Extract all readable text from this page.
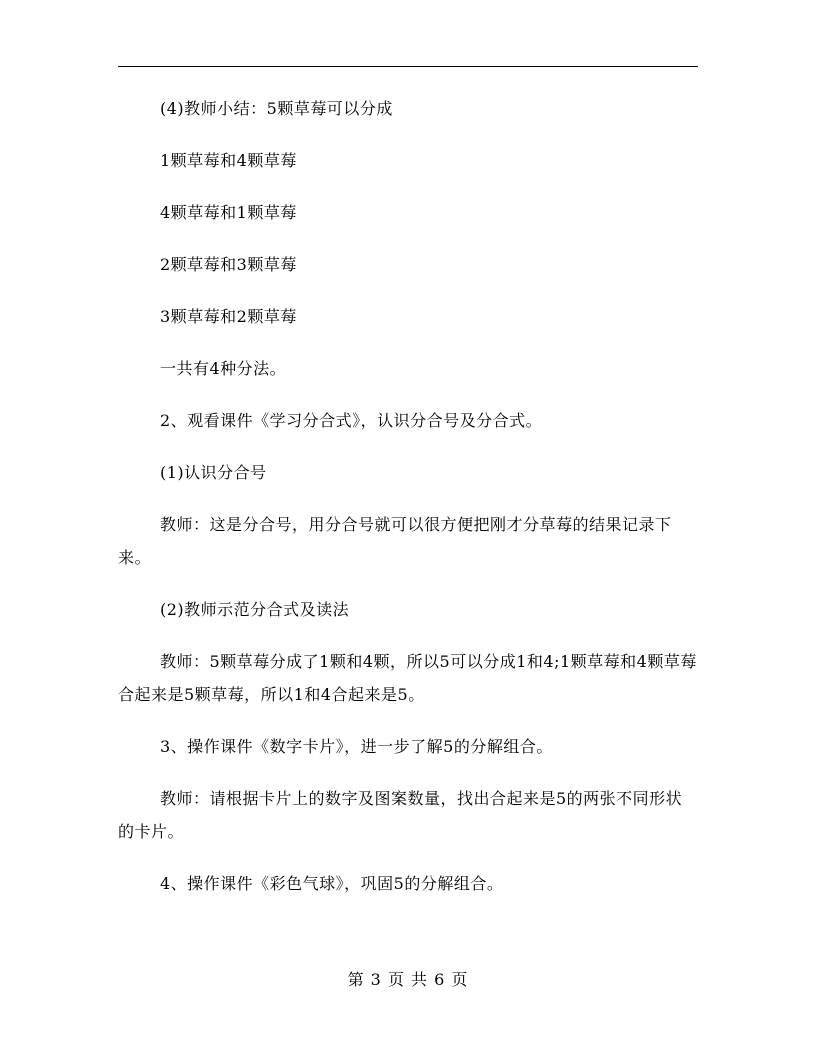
(4)教师小结：5颗草莓可以分成

1颗草莓和4颗草莓

4颗草莓和1颗草莓

2颗草莓和3颗草莓

3颗草莓和2颗草莓

一共有4种分法。

2、观看课件《学习分合式》，认识分合号及分合式。

(1)认识分合号

教师：这是分合号，用分合号就可以很方便把刚才分草莓的结果记录下来。

(2)教师示范分合式及读法

教师：5颗草莓分成了1颗和4颗，所以5可以分成1和4;1颗草莓和4颗草莓合起来是5颗草莓，所以1和4合起来是5。

3、操作课件《数字卡片》，进一步了解5的分解组合。

教师：请根据卡片上的数字及图案数量，找出合起来是5的两张不同形状的卡片。

4、操作课件《彩色气球》，巩固5的分解组合。

第 3 页 共 6 页
